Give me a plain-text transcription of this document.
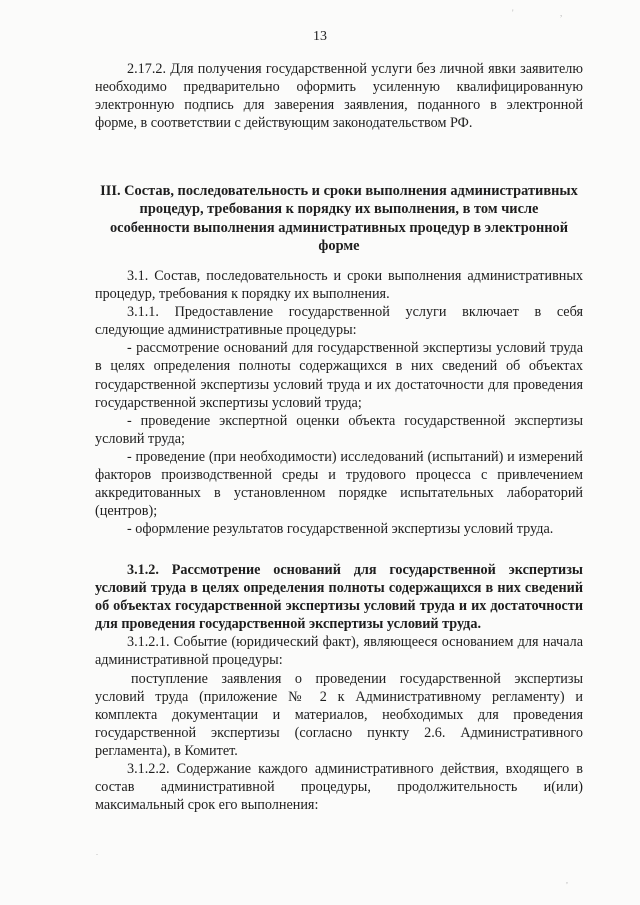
'	,
13

2.17.2. Для получения государственной услуги без личной явки заявителю необходимо предварительно оформить усиленную квалифицированную электронную подпись для заверения заявления, поданного в электронной форме, в соответствии с действующим законодательством РФ.

III. Состав, последовательность и сроки выполнения административных процедур, требования к порядку их выполнения, в том числе особенности выполнения административных процедур в электронной форме

3.1. Состав, последовательность и сроки выполнения административных процедур, требования к порядку их выполнения.

3.1.1. Предоставление государственной услуги включает в себя следующие административные процедуры:

- рассмотрение оснований для государственной экспертизы условий труда в целях определения полноты содержащихся в них сведений об объектах государственной экспертизы условий труда и их достаточности для проведения государственной экспертизы условий труда;

- проведение экспертной оценки объекта государственной экспертизы условий труда;

- проведение (при необходимости) исследований (испытаний) и измерений факторов производственной среды и трудового процесса с привлечением аккредитованных в установленном порядке испытательных лабораторий (центров);

- оформление результатов государственной экспертизы условий труда.

3.1.2. Рассмотрение оснований для государственной экспертизы условий труда в целях определения полноты содержащихся в них сведений об объектах государственной экспертизы условий труда и их достаточности для проведения государственной экспертизы условий труда.

3.1.2.1. Событие (юридический факт), являющееся основанием для начала административной процедуры:

поступление заявления о проведении государственной экспертизы условий труда (приложение № 2 к Административному регламенту) и комплекта документации и материалов, необходимых для проведения государственной экспертизы (согласно пункту 2.6. Административного регламента), в Комитет.

3.1.2.2. Содержание каждого административного действия, входящего в состав административной процедуры, продолжительность и(или) максимальный срок его выполнения:

.
,
